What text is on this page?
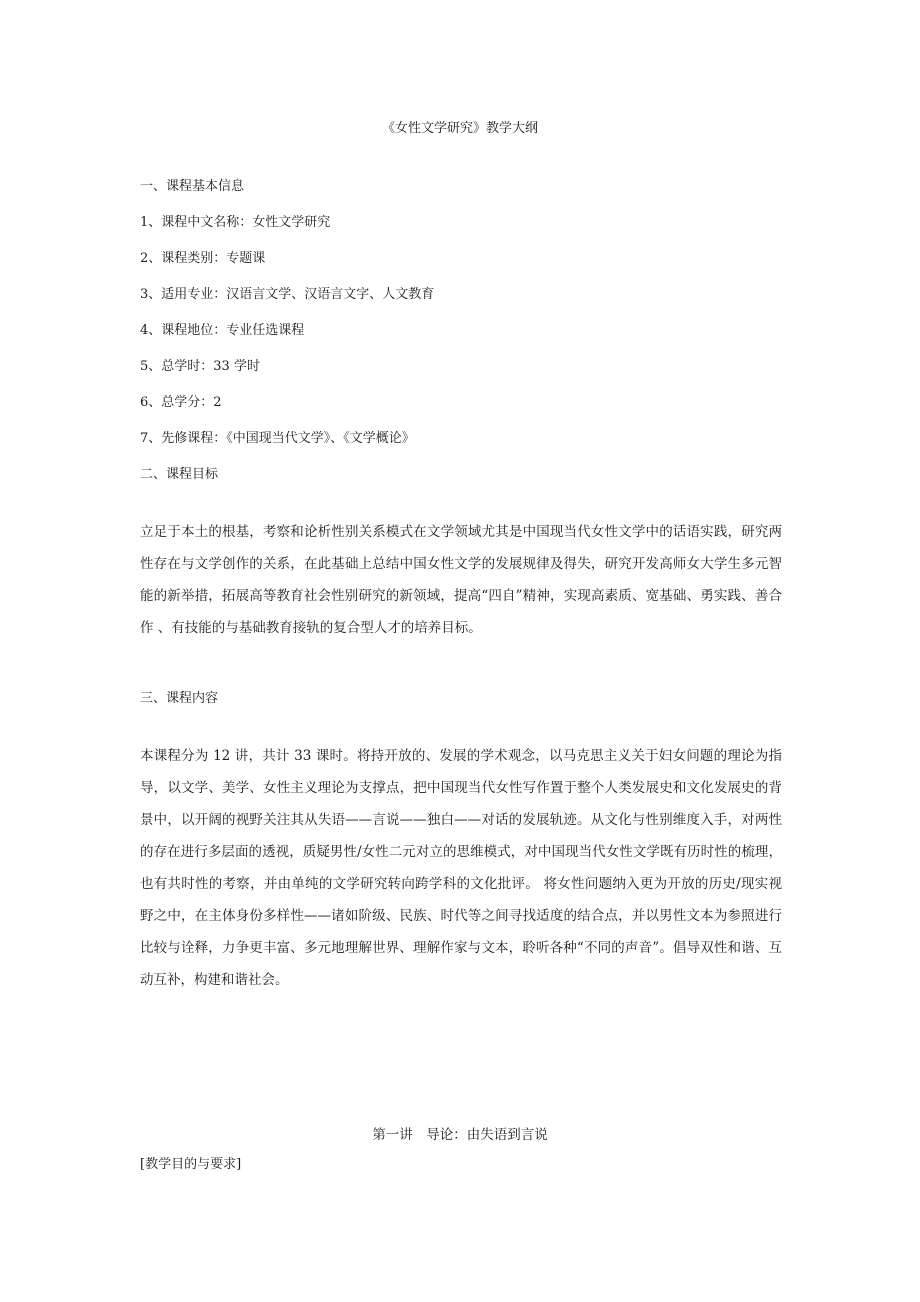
《女性文学研究》教学大纲
一、课程基本信息
1、课程中文名称：女性文学研究
2、课程类别：专题课
3、适用专业：汉语言文学、汉语言文字、人文教育
4、课程地位：专业任选课程
5、总学时：33 学时
6、总学分：2
7、先修课程：《中国现当代文学》、《文学概论》
二、课程目标

立足于本土的根基，考察和论析性别关系模式在文学领域尤其是中国现当代女性文学中的话语实践，研究两性存在与文学创作的关系，在此基础上总结中国女性文学的发展规律及得失，研究开发高师女大学生多元智能的新举措，拓展高等教育社会性别研究的新领域，提高“四自”精神，实现高素质、宽基础、勇实践、善合作 、有技能的与基础教育接轨的复合型人才的培养目标。

三、课程内容

本课程分为 12 讲，共计 33 课时。将持开放的、发展的学术观念，以马克思主义关于妇女问题的理论为指导，以文学、美学、女性主义理论为支撑点，把中国现当代女性写作置于整个人类发展史和文化发展史的背景中，以开阔的视野关注其从失语——言说——独白——对话的发展轨迹。从文化与性别维度入手，对两性的存在进行多层面的透视，质疑男性/女性二元对立的思维模式，对中国现当代女性文学既有历时性的梳理，也有共时性的考察，并由单纯的文学研究转向跨学科的文化批评。 将女性问题纳入更为开放的历史/现实视野之中，在主体身份多样性——诸如阶级、民族、时代等之间寻找适度的结合点，并以男性文本为参照进行比较与诠释，力争更丰富、多元地理解世界、理解作家与文本，聆听各种“不同的声音”。倡导双性和谐、互动互补，构建和谐社会。

第一讲　导论：由失语到言说
[教学目的与要求]
